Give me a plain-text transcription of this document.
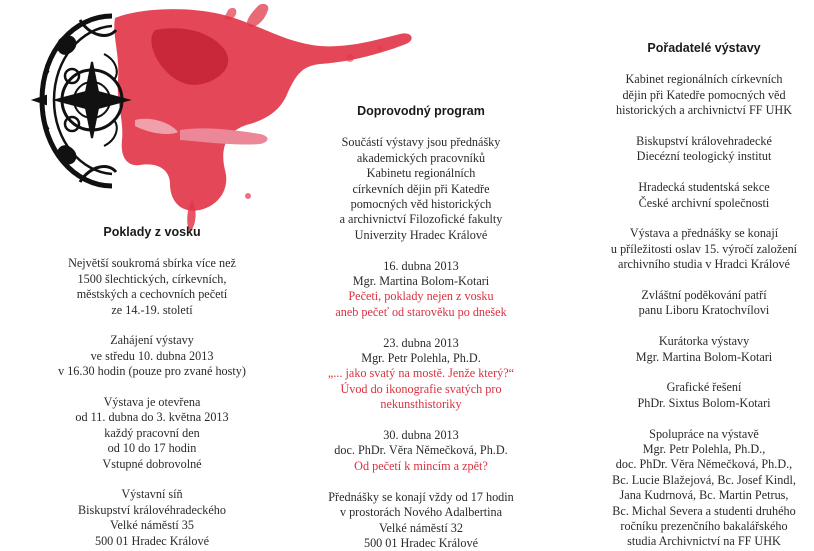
Poklady z vosku

Největší soukromá sbírka více než
1500 šlechtických, církevních,
městských a cechovních pečetí
ze 14.-19. století

Zahájení výstavy
ve středu 10. dubna 2013
v 16.30 hodin (pouze pro zvané hosty)

Výstava je otevřena
od 11. dubna do 3. května 2013
každý pracovní den
od 10 do 17 hodin
Vstupné dobrovolné

Výstavní síň
Biskupství královéhradeckého
Velké náměstí 35
500 01 Hradec Králové

Doprovodný program

Součástí výstavy jsou přednášky
akademických pracovníků
Kabinetu regionálních
církevních dějin při Katedře
pomocných věd historických
a archivnictví Filozofické fakulty
Univerzity Hradec Králové

16. dubna 2013
Mgr. Martina Bolom-Kotari
Pečeti, poklady nejen z vosku
aneb pečeť od starověku po dnešek

23. dubna 2013
Mgr. Petr Polehla, Ph.D.
„... jako svatý na mostě. Jenže který?“
Úvod do ikonografie svatých pro
nekunsthistoriky

30. dubna 2013
doc. PhDr. Věra Němečková, Ph.D.
Od pečetí k mincím a zpět?

Přednášky se konají vždy od 17 hodin
v prostorách Nového Adalbertina
Velké náměstí 32
500 01 Hradec Králové

Pořadatelé výstavy

Kabinet regionálních církevních
dějin při Katedře pomocných věd
historických a archivnictví FF UHK

Biskupství královehradecké
Diecézní teologický institut

Hradecká studentská sekce
České archivní společnosti

Výstava a přednášky se konají
u příležitosti oslav 15. výročí založení
archivního studia v Hradci Králové

Zvláštní poděkování patří
panu Liboru Kratochvílovi

Kurátorka výstavy
Mgr. Martina Bolom-Kotari

Grafické řešení
PhDr. Sixtus Bolom-Kotari

Spolupráce na výstavě
Mgr. Petr Polehla, Ph.D.,
doc. PhDr. Věra Němečková, Ph.D.,
Bc. Lucie Blažejová, Bc. Josef Kindl,
Jana Kudrnová, Bc. Martin Petrus,
Bc. Michal Severa a studenti druhého
ročníku prezenčního bakalářského
studia Archivnictví na FF UHK
